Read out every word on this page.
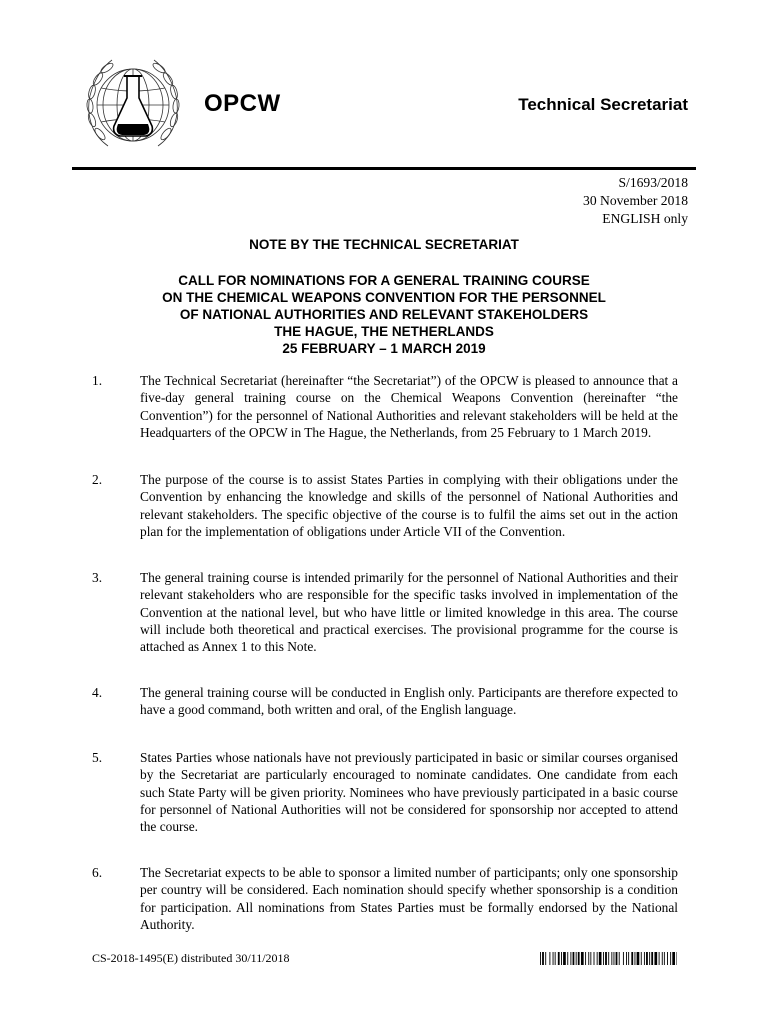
OPCW	Technical Secretariat
S/1693/2018
30 November 2018
ENGLISH only
NOTE BY THE TECHNICAL SECRETARIAT
CALL FOR NOMINATIONS FOR A GENERAL TRAINING COURSE
ON THE CHEMICAL WEAPONS CONVENTION FOR THE PERSONNEL
OF NATIONAL AUTHORITIES AND RELEVANT STAKEHOLDERS
THE HAGUE, THE NETHERLANDS
25 FEBRUARY – 1 MARCH 2019
1.	The Technical Secretariat (hereinafter “the Secretariat”) of the OPCW is pleased to announce that a five-day general training course on the Chemical Weapons Convention (hereinafter “the Convention”) for the personnel of National Authorities and relevant stakeholders will be held at the Headquarters of the OPCW in The Hague, the Netherlands, from 25 February to 1 March 2019.
2.	The purpose of the course is to assist States Parties in complying with their obligations under the Convention by enhancing the knowledge and skills of the personnel of National Authorities and relevant stakeholders. The specific objective of the course is to fulfil the aims set out in the action plan for the implementation of obligations under Article VII of the Convention.
3.	The general training course is intended primarily for the personnel of National Authorities and their relevant stakeholders who are responsible for the specific tasks involved in implementation of the Convention at the national level, but who have little or limited knowledge in this area. The course will include both theoretical and practical exercises. The provisional programme for the course is attached as Annex 1 to this Note.
4.	The general training course will be conducted in English only. Participants are therefore expected to have a good command, both written and oral, of the English language.
5.	States Parties whose nationals have not previously participated in basic or similar courses organised by the Secretariat are particularly encouraged to nominate candidates. One candidate from each such State Party will be given priority. Nominees who have previously participated in a basic course for personnel of National Authorities will not be considered for sponsorship nor accepted to attend the course.
6.	The Secretariat expects to be able to sponsor a limited number of participants; only one sponsorship per country will be considered. Each nomination should specify whether sponsorship is a condition for participation. All nominations from States Parties must be formally endorsed by the National Authority.
CS-2018-1495(E) distributed 30/11/2018
